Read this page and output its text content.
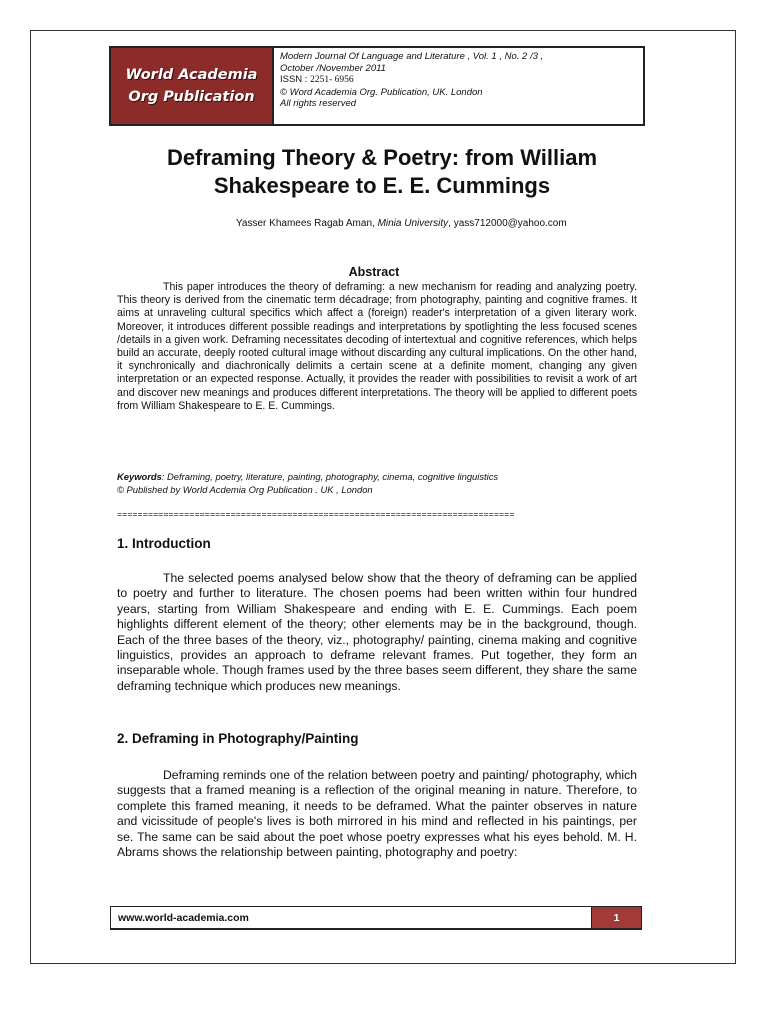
World Academia
Org Publication
Modern Journal Of Language and Literature , Vol. 1 , No. 2 /3 ,
October /November 2011
ISSN : 2251- 6956
© Word Academia Org. Publication, UK. London
All rights reserved
Deframing Theory & Poetry: from William
Shakespeare to E. E. Cummings
Yasser Khamees Ragab Aman, Minia University, yass712000@yahoo.com
Abstract

This paper introduces the theory of deframing: a new mechanism for reading and analyzing poetry. This theory is derived from the cinematic term décadrage; from photography, painting and cognitive frames. It aims at unraveling cultural specifics which affect a (foreign) reader's interpretation of a given literary work. Moreover, it introduces different possible readings and interpretations by spotlighting the less focused scenes /details in a given work. Deframing necessitates decoding of intertextual and cognitive references, which helps build an accurate, deeply rooted cultural image without discarding any cultural implications. On the other hand, it synchronically and diachronically delimits a certain scene at a definite moment, changing any given interpretation or an expected response. Actually, it provides the reader with possibilities to revisit a work of art and discover new meanings and produces different interpretations. The theory will be applied to different poets from William Shakespeare to E. E. Cummings.

Keywords: Deframing, poetry, literature, painting, photography, cinema, cognitive linguistics
© Published by World Acdemia Org Publication . UK , London
=============================================================================
1. Introduction

The selected poems analysed below show that the theory of deframing can be applied to poetry and further to literature. The chosen poems had been written within four hundred years, starting from William Shakespeare and ending with E. E. Cummings. Each poem highlights different element of the theory; other elements may be in the background, though. Each of the three bases of the theory, viz., photography/ painting, cinema making and cognitive linguistics, provides an approach to deframe relevant frames. Put together, they form an inseparable whole. Though frames used by the three bases seem different, they share the same deframing technique which produces new meanings.

2. Deframing in Photography/Painting

Deframing reminds one of the relation between poetry and painting/ photography, which suggests that a framed meaning is a reflection of the original meaning in nature. Therefore, to complete this framed meaning, it needs to be deframed. What the painter observes in nature and vicissitude of people's lives is both mirrored in his mind and reflected in his paintings, per se. The same can be said about the poet whose poetry expresses what his eyes behold. M. H. Abrams shows the relationship between painting, photography and poetry:

www.world-academia.com	1
